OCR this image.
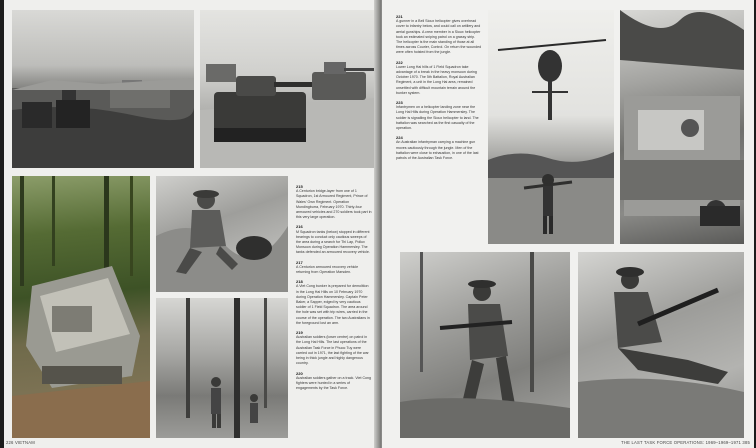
215
A Centurion bridge-layer from one of 1 Squadron, 1st Armoured Regiment, Prince of Wales' Own Regiment. Operation Mundingburra, February 1970. Thirty-four armoured vehicles and 270 soldiers took part in this very large operation.
216
M Squadron tanks (below) stopped in different bearings to conduct only cautious sweeps of the area during a search for Thi Lap, Pollux Monsoon during Operation Hammersley. The tanks defended an armoured recovery vehicle.
217
A Centurion armoured recovery vehicle returning from Operation Marsden.
218
A Viet Cong bunker is prepared for demolition in the Long Hai Hills on 10 February 1970 during Operation Hammersley. Captain Peter Baker, a Sapper, edged by very cautious soldier of 1 Field Squadron. The area around the hole was set with trip wires, carried in the course of the operation. The two Australians in the foreground lost an arm.
219
Australian soldiers (lower centre) on patrol in the Long Hai Hills. The last operations of the Australian Task Force in Phuoc Tuy were carried out in 1971, the last fighting of the war being in thick jungle and highly dangerous country.
220
Australian soldiers gather on a track. Viet Cong fighters were hunted in a series of engagements by the Task Force.
226 VIETNAM
221
A gunner in a Bell Sioux helicopter gives overhead cover to infantry below, and could call on artillery and aerial gunships. A crew member in a Sioux helicopter took an estimated sniping patrol on a grassy strip. The helicopter is the main standing of those at all times across Courier, Control. On return the wounded were often hoisted from the jungle.
222
Lower Long Hai hills of 1 Field Squadron take advantage of a break in the heavy monsoon during October 1970. The 5th Battalion, Royal Australian Regiment, a unit in the Long Hai area, remained unsettled with difficult mountain terrain around the bunker system.
223
Infantrymen on a helicopter landing zone near the Long Hai Hills during Operation Hammersley. The soldier is signalling the Sioux helicopter to land. The battalion was searched as the first casualty of the operation.
224
An Australian infantryman carrying a machine gun moves cautiously through the jungle. Men of the battalion were close to exhaustion, in one of the last patrols of the Australian Task Force.
THE LAST TASK FORCE OPERATIONS: 1969–1969–1971 385
